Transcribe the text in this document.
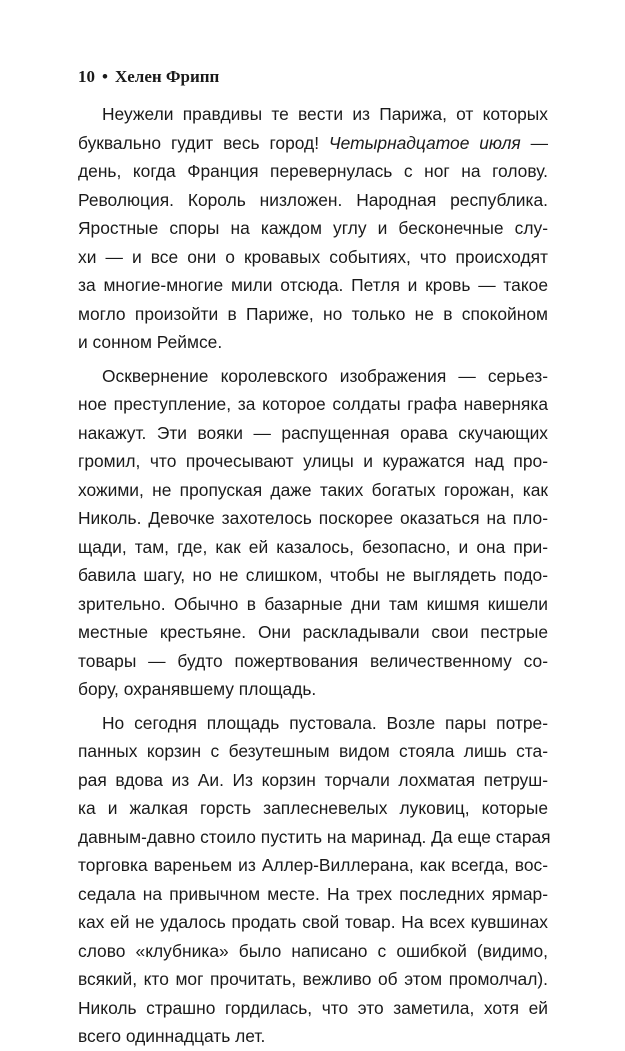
10 • Хелен Фрипп
Неужели правдивы те вести из Парижа, от которых
буквально гудит весь город! Четырнадцатое июля —
день, когда Франция перевернулась с ног на голову.
Революция. Король низложен. Народная республика.
Яростные споры на каждом углу и бесконечные слу-
хи — и все они о кровавых событиях, что происходят
за многие-многие мили отсюда. Петля и кровь — такое
могло произойти в Париже, но только не в спокойном
и сонном Реймсе.
Осквернение королевского изображения — серьез-
ное преступление, за которое солдаты графа наверняка
накажут. Эти вояки — распущенная орава скучающих
громил, что прочесывают улицы и куражатся над про-
хожими, не пропуская даже таких богатых горожан, как
Николь. Девочке захотелось поскорее оказаться на пло-
щади, там, где, как ей казалось, безопасно, и она при-
бавила шагу, но не слишком, чтобы не выглядеть подо-
зрительно. Обычно в базарные дни там кишмя кишели
местные крестьяне. Они раскладывали свои пестрые
товары — будто пожертвования величественному со-
бору, охранявшему площадь.
Но сегодня площадь пустовала. Возле пары потре-
панных корзин с безутешным видом стояла лишь ста-
рая вдова из Аи. Из корзин торчали лохматая петруш-
ка и жалкая горсть заплесневелых луковиц, которые
давным-давно стоило пустить на маринад. Да еще старая
торговка вареньем из Аллер-Виллерана, как всегда, вос-
седала на привычном месте. На трех последних ярмар-
ках ей не удалось продать свой товар. На всех кувшинах
слово «клубника» было написано с ошибкой (видимо,
всякий, кто мог прочитать, вежливо об этом промолчал).
Николь страшно гордилась, что это заметила, хотя ей
всего одиннадцать лет.
